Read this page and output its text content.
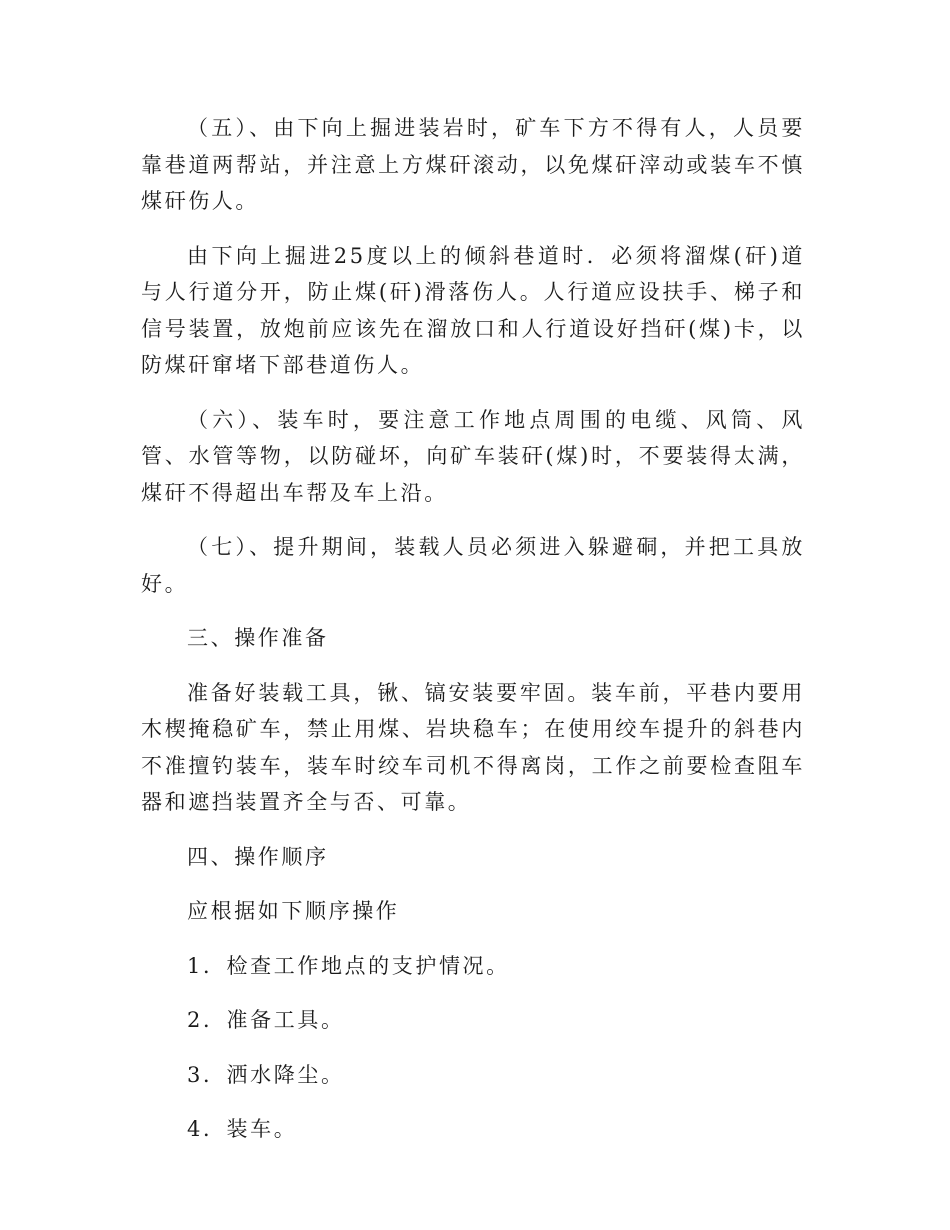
（五）、由下向上掘进装岩时，矿车下方不得有人，人员要靠巷道两帮站，并注意上方煤矸滚动，以免煤矸滓动或装车不慎煤矸伤人。

由下向上掘进25度以上的倾斜巷道时．必须将溜煤(矸)道与人行道分开，防止煤(矸)滑落伤人。人行道应设扶手、梯子和信号装置，放炮前应该先在溜放口和人行道设好挡矸(煤)卡，以防煤矸窜堵下部巷道伤人。

（六）、装车时，要注意工作地点周围的电缆、风筒、风管、水管等物，以防碰坏，向矿车装矸(煤)时，不要装得太满，煤矸不得超出车帮及车上沿。

（七）、提升期间，装载人员必须进入躲避硐，并把工具放好。

三、操作准备

准备好装载工具，锹、镐安装要牢固。装车前，平巷内要用木楔掩稳矿车，禁止用煤、岩块稳车；在使用绞车提升的斜巷内不准擅钓装车，装车时绞车司机不得离岗，工作之前要检查阻车器和遮挡装置齐全与否、可靠。

四、操作顺序

应根据如下顺序操作

1．检查工作地点的支护情况。

2．准备工具。

3．洒水降尘。

4．装车。
